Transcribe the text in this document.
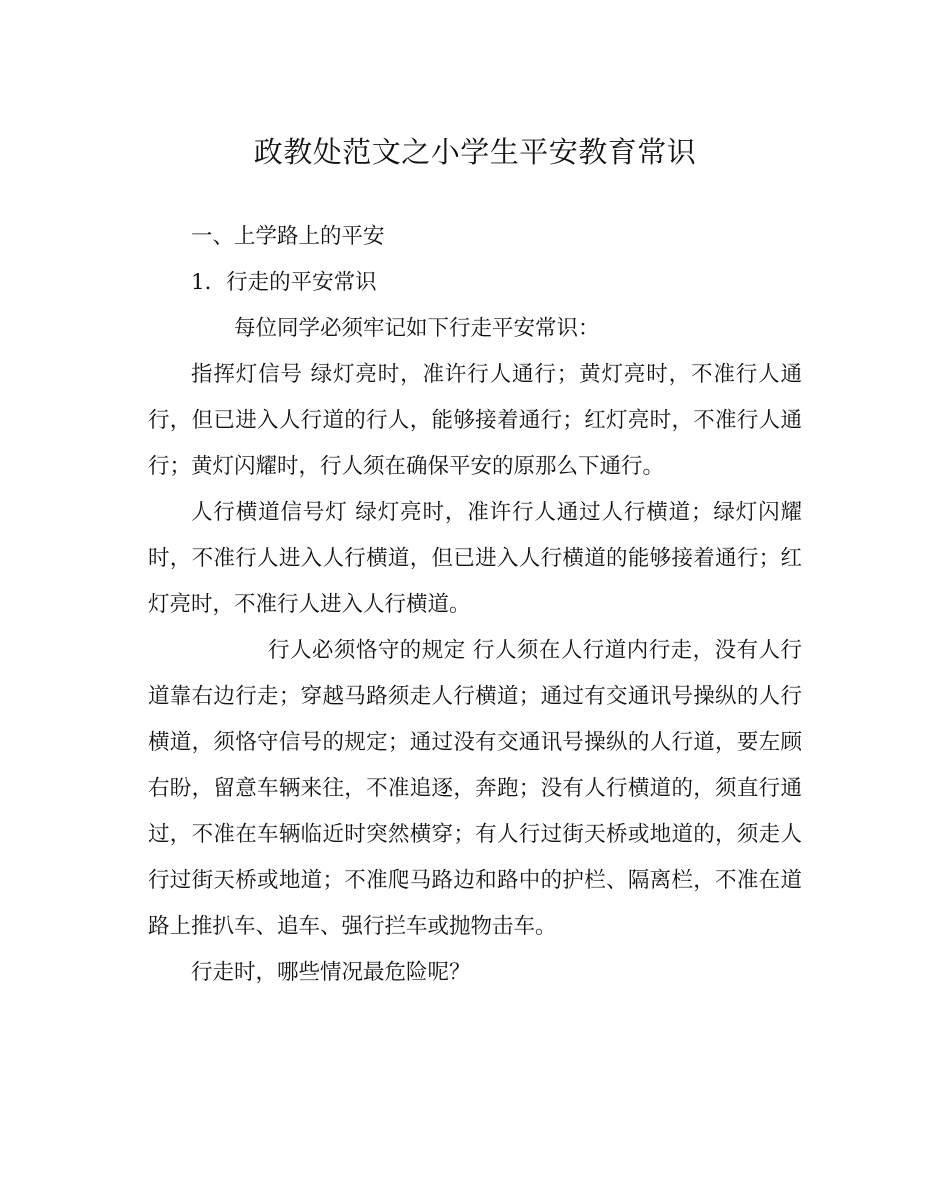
政教处范文之小学生平安教育常识

一、上学路上的平安

1．行走的平安常识

每位同学必须牢记如下行走平安常识：

指挥灯信号 绿灯亮时，准许行人通行；黄灯亮时，不准行人通行，但已进入人行道的行人，能够接着通行；红灯亮时，不准行人通行；黄灯闪耀时，行人须在确保平安的原那么下通行。

人行横道信号灯 绿灯亮时，准许行人通过人行横道；绿灯闪耀时，不准行人进入人行横道，但已进入人行横道的能够接着通行；红灯亮时，不准行人进入人行横道。

行人必须恪守的规定 行人须在人行道内行走，没有人行道靠右边行走；穿越马路须走人行横道；通过有交通讯号操纵的人行横道，须恪守信号的规定；通过没有交通讯号操纵的人行道，要左顾右盼，留意车辆来往，不准追逐，奔跑；没有人行横道的，须直行通过，不准在车辆临近时突然横穿；有人行过街天桥或地道的，须走人行过街天桥或地道；不准爬马路边和路中的护栏、隔离栏，不准在道路上推扒车、追车、强行拦车或抛物击车。

行走时，哪些情况最危险呢？
